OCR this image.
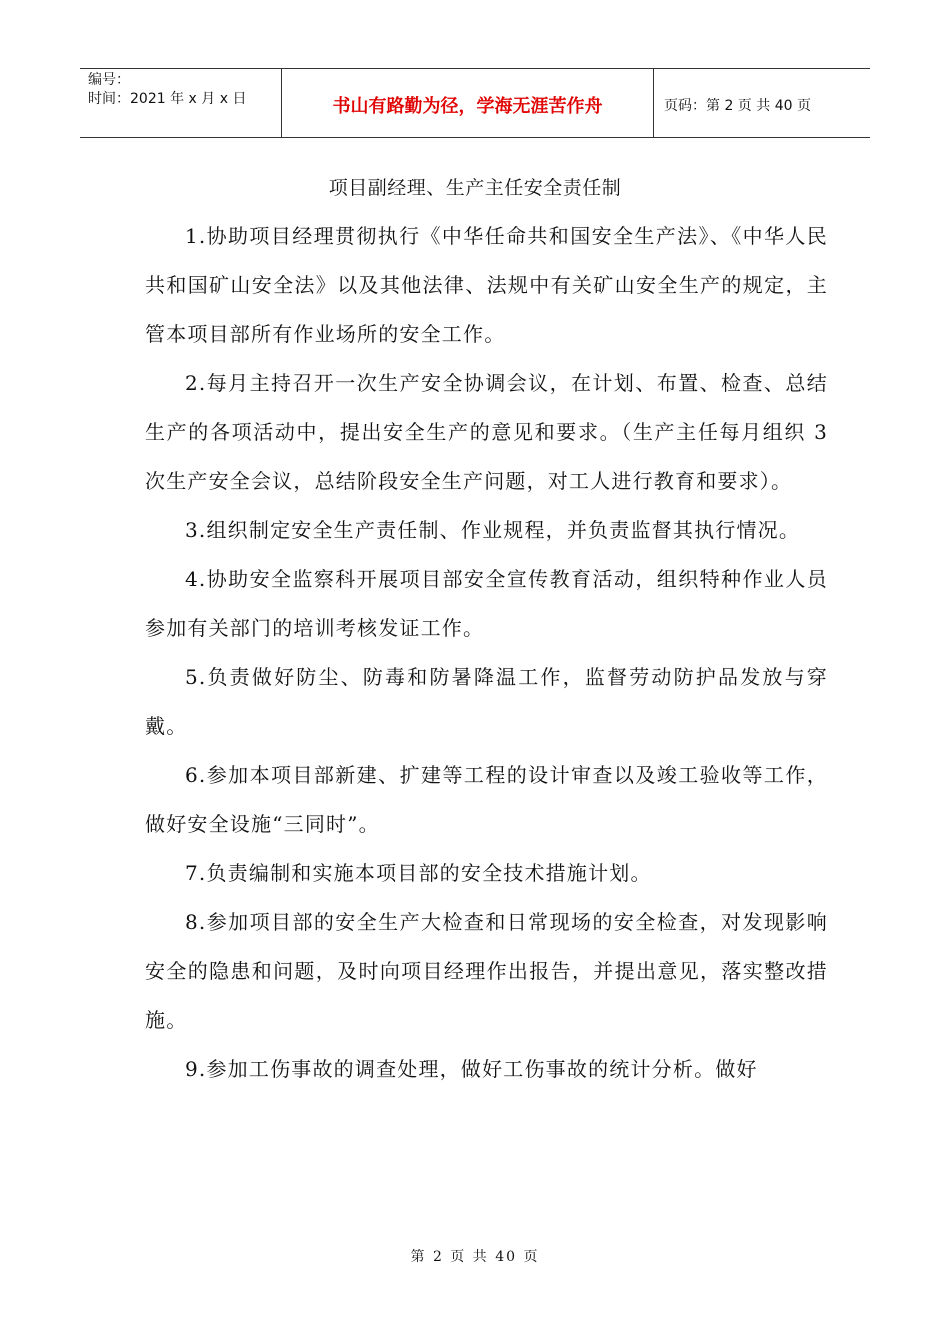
编号：
时间：2021 年 x 月 x 日	书山有路勤为径，学海无涯苦作舟	页码：第 2 页 共 40 页
项目副经理、生产主任安全责任制

1.协助项目经理贯彻执行《中华任命共和国安全生产法》、《中华人民共和国矿山安全法》以及其他法律、法规中有关矿山安全生产的规定，主管本项目部所有作业场所的安全工作。

2.每月主持召开一次生产安全协调会议，在计划、布置、检查、总结生产的各项活动中，提出安全生产的意见和要求。（生产主任每月组织 3 次生产安全会议，总结阶段安全生产问题，对工人进行教育和要求）。

3.组织制定安全生产责任制、作业规程，并负责监督其执行情况。

4.协助安全监察科开展项目部安全宣传教育活动，组织特种作业人员参加有关部门的培训考核发证工作。

5.负责做好防尘、防毒和防暑降温工作，监督劳动防护品发放与穿戴。

6.参加本项目部新建、扩建等工程的设计审查以及竣工验收等工作，做好安全设施“三同时”。

7.负责编制和实施本项目部的安全技术措施计划。

8.参加项目部的安全生产大检查和日常现场的安全检查，对发现影响安全的隐患和问题，及时向项目经理作出报告，并提出意见，落实整改措施。

9.参加工伤事故的调查处理，做好工伤事故的统计分析。做好

第 2 页 共 40 页
